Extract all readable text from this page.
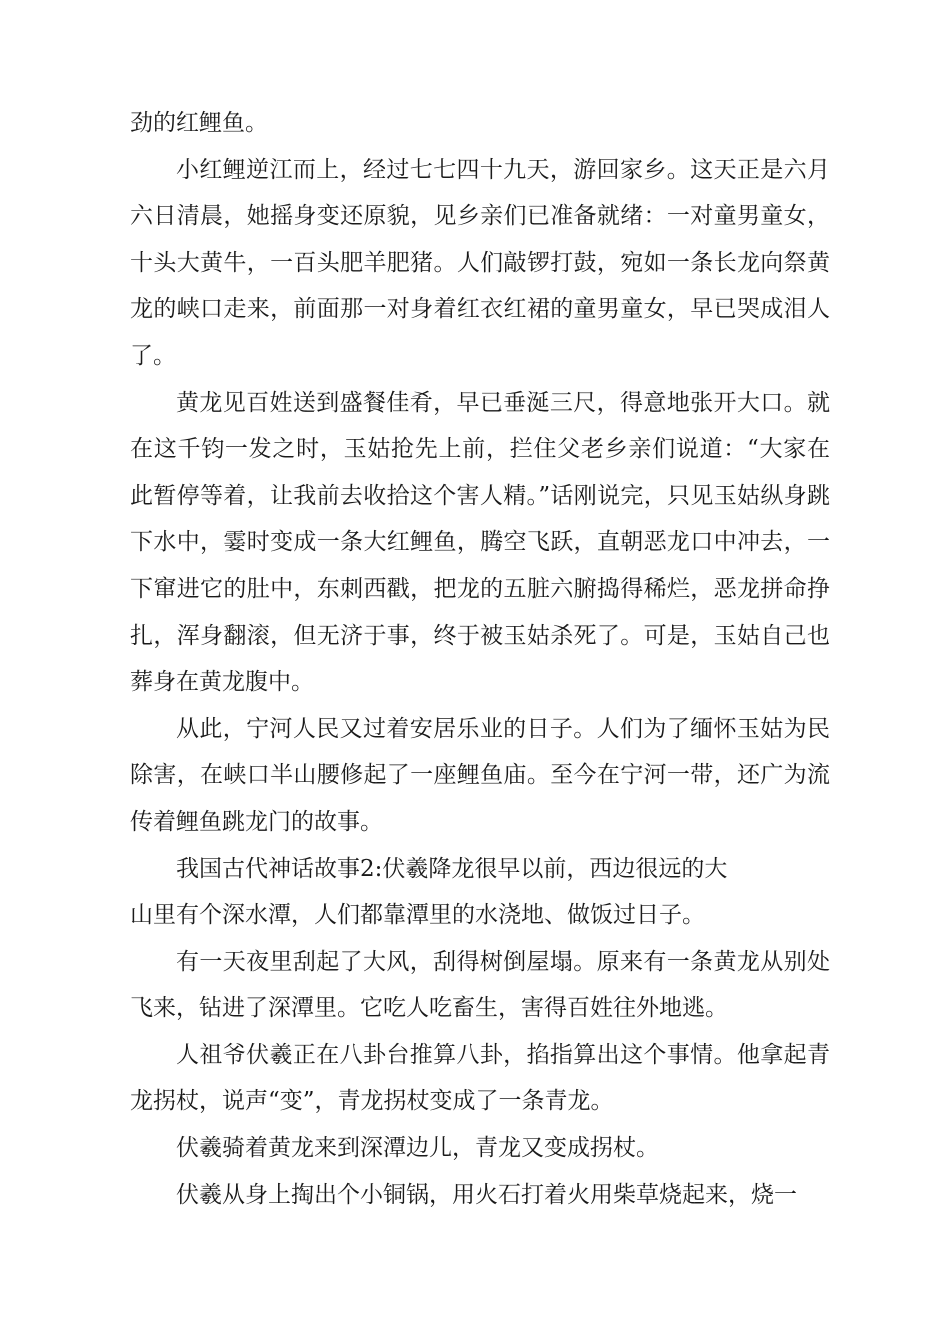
劲的红鲤鱼。

小红鲤逆江而上，经过七七四十九天，游回家乡。这天正是六月六日清晨，她摇身变还原貌，见乡亲们已准备就绪：一对童男童女，十头大黄牛，一百头肥羊肥猪。人们敲锣打鼓，宛如一条长龙向祭黄龙的峡口走来，前面那一对身着红衣红裙的童男童女，早已哭成泪人了。

黄龙见百姓送到盛餐佳肴，早已垂涎三尺，得意地张开大口。就在这千钧一发之时，玉姑抢先上前，拦住父老乡亲们说道：“大家在此暂停等着，让我前去收拾这个害人精。”话刚说完，只见玉姑纵身跳下水中，霎时变成一条大红鲤鱼，腾空飞跃，直朝恶龙口中冲去，一下窜进它的肚中，东刺西戳，把龙的五脏六腑捣得稀烂，恶龙拼命挣扎，浑身翻滚，但无济于事，终于被玉姑杀死了。可是，玉姑自己也葬身在黄龙腹中。

从此，宁河人民又过着安居乐业的日子。人们为了缅怀玉姑为民除害，在峡口半山腰修起了一座鲤鱼庙。至今在宁河一带，还广为流传着鲤鱼跳龙门的故事。

我国古代神话故事2:伏羲降龙很早以前，西边很远的大

山里有个深水潭，人们都靠潭里的水浇地、做饭过日子。

有一天夜里刮起了大风，刮得树倒屋塌。原来有一条黄龙从别处飞来，钻进了深潭里。它吃人吃畜生，害得百姓往外地逃。

人祖爷伏羲正在八卦台推算八卦，掐指算出这个事情。他拿起青龙拐杖，说声“变”，青龙拐杖变成了一条青龙。

伏羲骑着黄龙来到深潭边儿，青龙又变成拐杖。

伏羲从身上掏出个小铜锅，用火石打着火用柴草烧起来，烧一
